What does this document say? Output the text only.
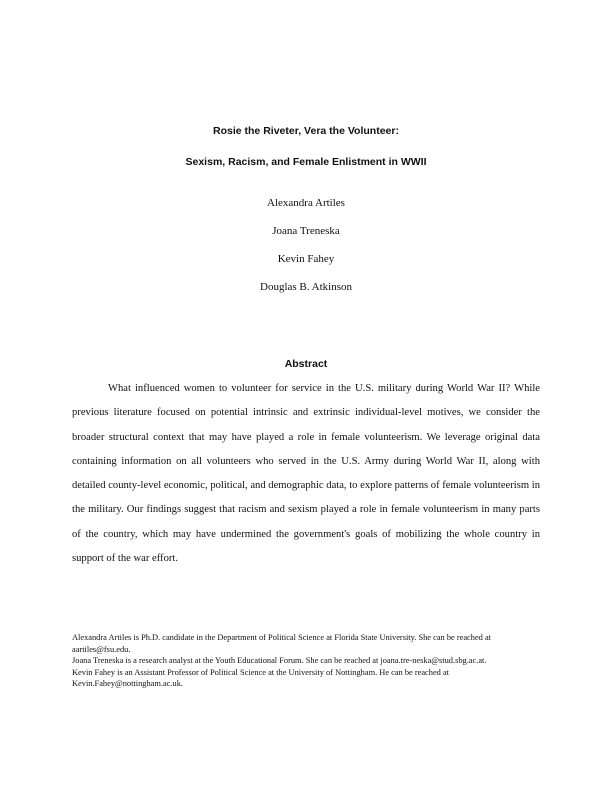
Rosie the Riveter, Vera the Volunteer:
Sexism, Racism, and Female Enlistment in WWII
Alexandra Artiles
Joana Treneska
Kevin Fahey
Douglas B. Atkinson
Abstract

What influenced women to volunteer for service in the U.S. military during World War II? While previous literature focused on potential intrinsic and extrinsic individual-level motives, we consider the broader structural context that may have played a role in female volunteerism. We leverage original data containing information on all volunteers who served in the U.S. Army during World War II, along with detailed county-level economic, political, and demographic data, to explore patterns of female volunteerism in the military. Our findings suggest that racism and sexism played a role in female volunteerism in many parts of the country, which may have undermined the government's goals of mobilizing the whole country in support of the war effort.

Alexandra Artiles is Ph.D. candidate in the Department of Political Science at Florida State University. She can be reached at aartiles@fsu.edu.

Joana Treneska is a research analyst at the Youth Educational Forum. She can be reached at joana.tre-neska@stud.sbg.ac.at.

Kevin Fahey is an Assistant Professor of Political Science at the University of Nottingham. He can be reached at Kevin.Fahey@nottingham.ac.uk.
